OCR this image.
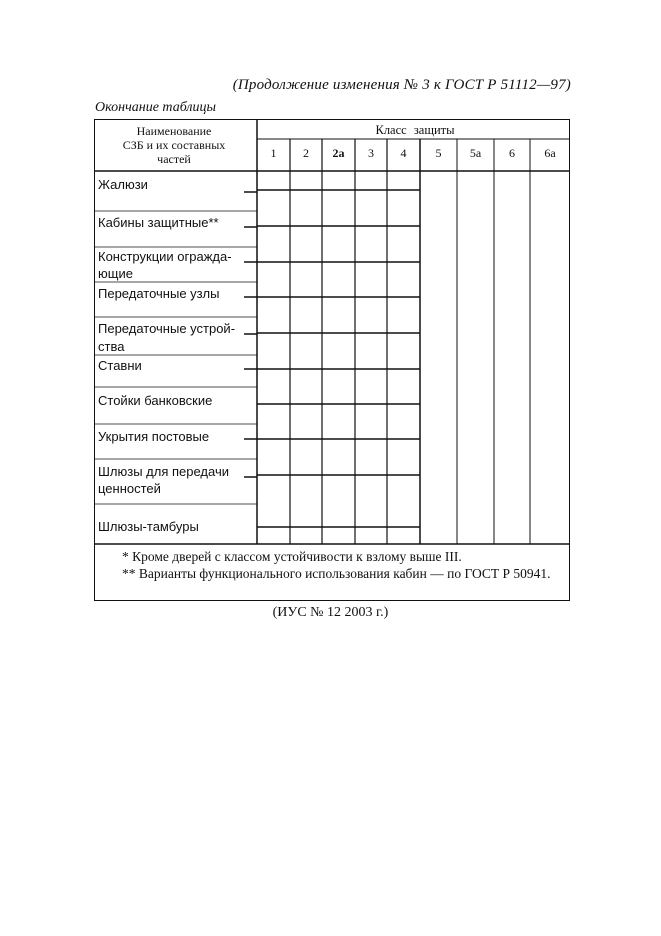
(Продолжение изменения № 3 к ГОСТ Р 51112—97)
Окончание таблицы
Наименование
СЗБ и их составных
частей
Класс защиты
1	2	2а	3	4	5	5а	6	6а
Жалюзи
Кабины защитные**
Конструкции огражда-
ющие
Передаточные узлы
Передаточные устрой-
ства
Ставни
Стойки банковские
Укрытия постовые
Шлюзы для передачи
ценностей
Шлюзы-тамбуры
* Кроме дверей с классом устойчивости к взлому выше III.
** Варианты функционального использования кабин — по ГОСТ Р 50941.
(ИУС № 12 2003 г.)
